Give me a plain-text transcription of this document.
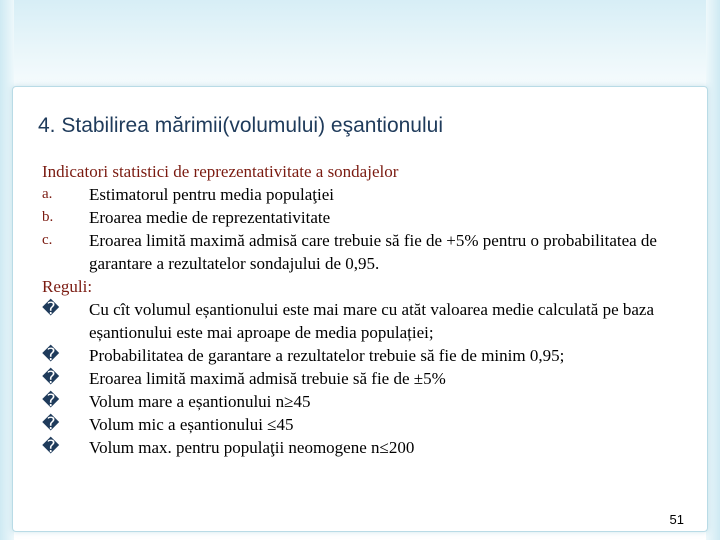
4. Stabilirea mărimii(volumului) eşantionului
Indicatori statistici de reprezentativitate a sondajelor
a.	Estimatorul pentru media populaţiei
b.	Eroarea medie de reprezentativitate
c.	Eroarea limită maximă admisă care trebuie să fie de +5% pentru o probabilitatea de garantare a rezultatelor sondajului de 0,95.
Reguli:
�	Cu cît volumul eșantionului este mai mare cu atăt valoarea medie calculată pe baza eșantionului este mai aproape de media populației;
�	Probabilitatea de garantare a rezultatelor trebuie să fie de minim 0,95;
�	Eroarea limită maximă admisă trebuie să fie de ±5%
�	Volum mare a eșantionului n≥45
�	Volum mic a eșantionului ≤45
�	Volum max. pentru populaţii neomogene n≤200
51
